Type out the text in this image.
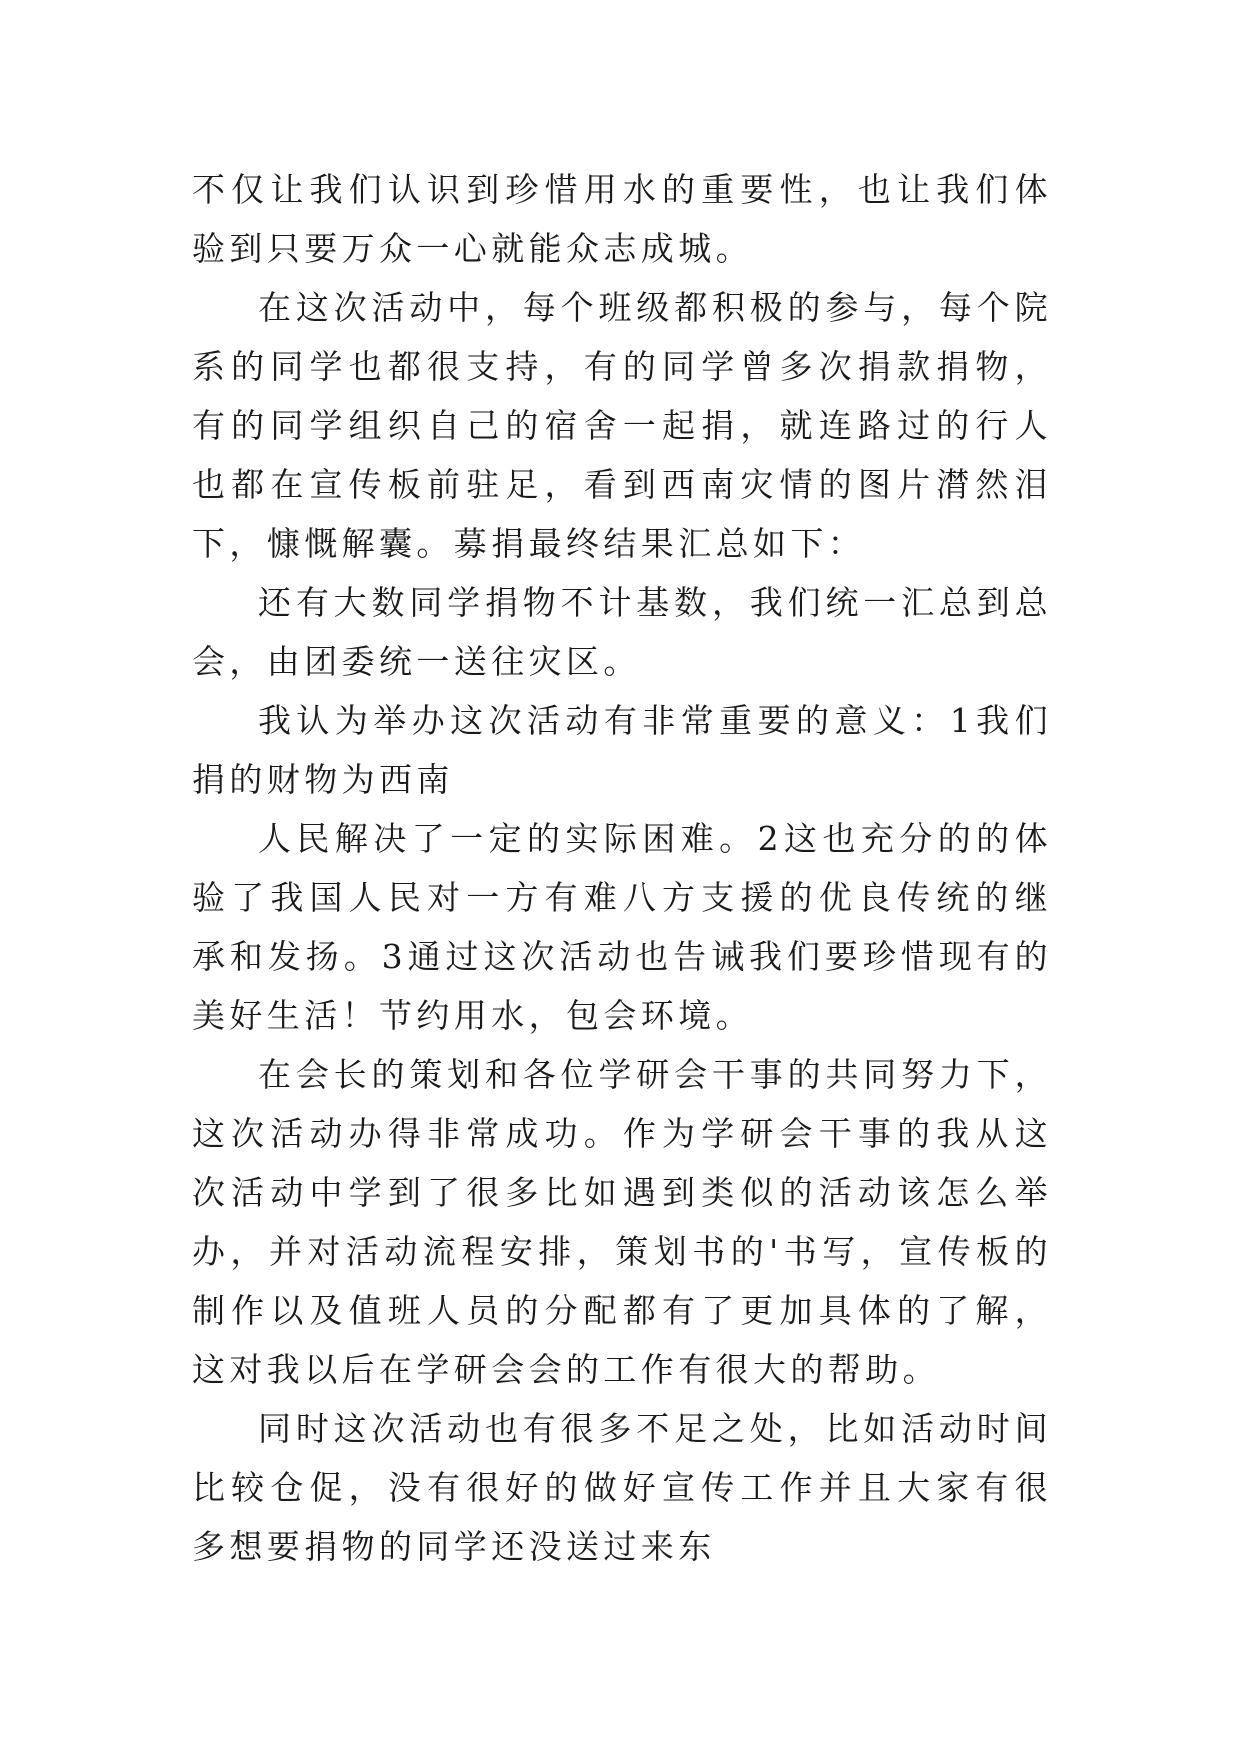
不仅让我们认识到珍惜用水的重要性，也让我们体验到只要万众一心就能众志成城。

在这次活动中，每个班级都积极的参与，每个院系的同学也都很支持，有的同学曾多次捐款捐物，有的同学组织自己的宿舍一起捐，就连路过的行人也都在宣传板前驻足，看到西南灾情的图片潸然泪下，慷慨解囊。募捐最终结果汇总如下：

还有大数同学捐物不计基数，我们统一汇总到总会，由团委统一送往灾区。

我认为举办这次活动有非常重要的意义：1我们捐的财物为西南

人民解决了一定的实际困难。2这也充分的的体验了我国人民对一方有难八方支援的优良传统的继承和发扬。3通过这次活动也告诫我们要珍惜现有的美好生活！节约用水，包会环境。

在会长的策划和各位学研会干事的共同努力下，这次活动办得非常成功。作为学研会干事的我从这次活动中学到了很多比如遇到类似的活动该怎么举办，并对活动流程安排，策划书的'书写，宣传板的制作以及值班人员的分配都有了更加具体的了解，这对我以后在学研会会的工作有很大的帮助。

同时这次活动也有很多不足之处，比如活动时间比较仓促，没有很好的做好宣传工作并且大家有很多想要捐物的同学还没送过来东
